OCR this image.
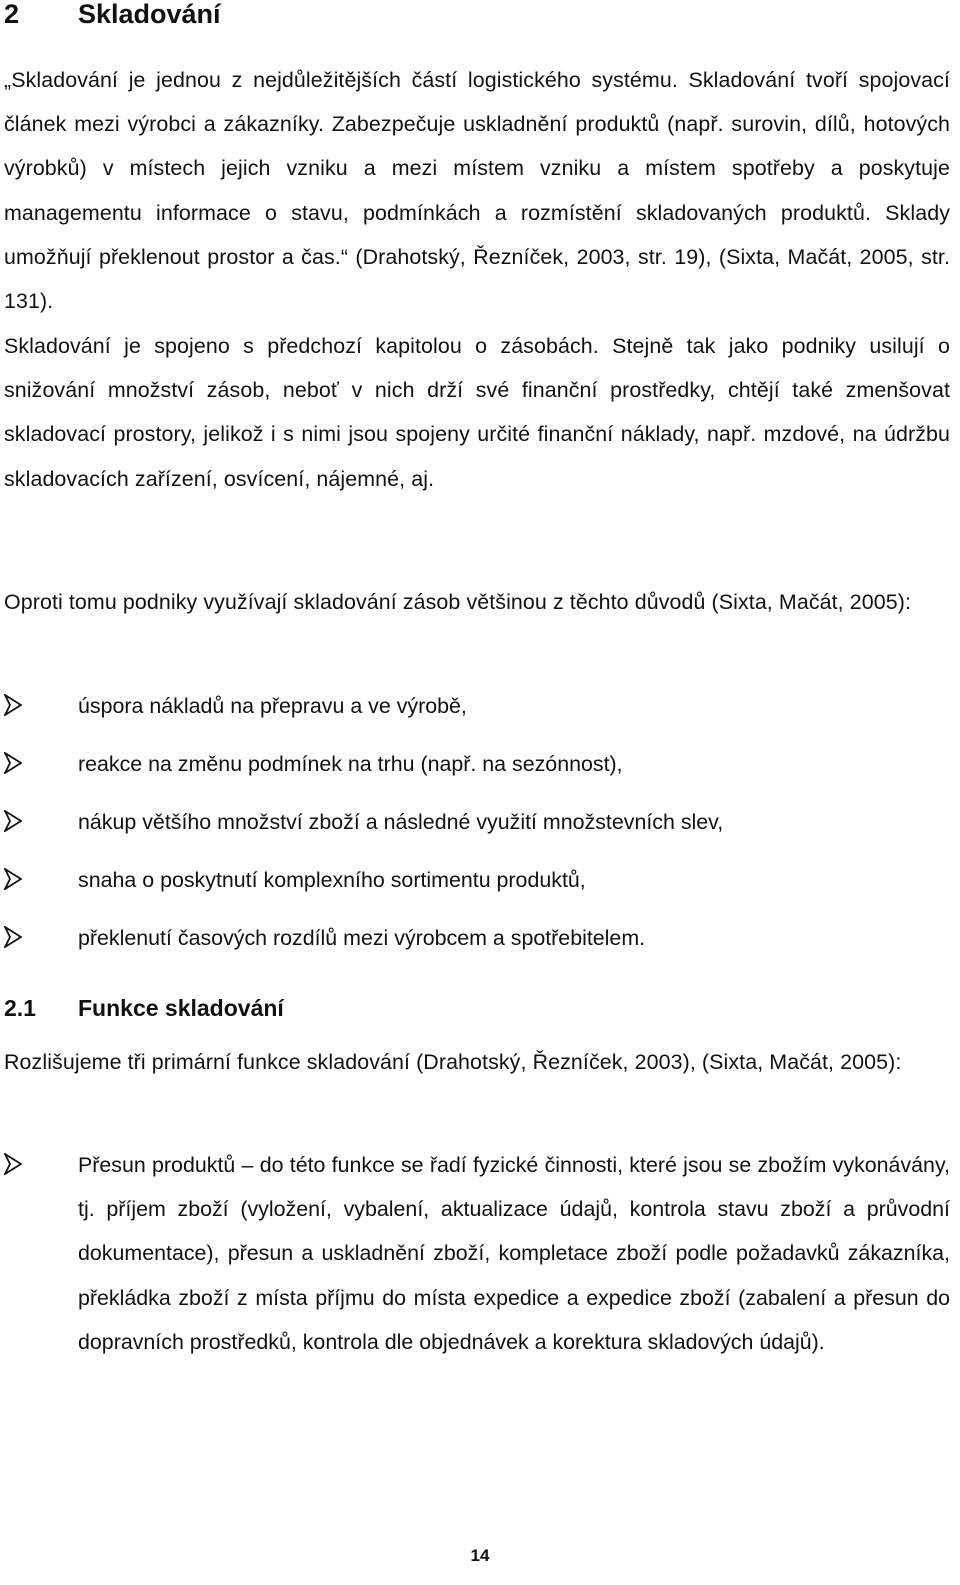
2 Skladování

„Skladování je jednou z nejdůležitějších částí logistického systému. Skladování tvoří spojovací článek mezi výrobci a zákazníky. Zabezpečuje uskladnění produktů (např. surovin, dílů, hotových výrobků) v místech jejich vzniku a mezi místem vzniku a místem spotřeby a poskytuje managementu informace o stavu, podmínkách a rozmístění skladovaných produktů. Sklady umožňují překlenout prostor a čas.“ (Drahotský, Řezníček, 2003, str. 19), (Sixta, Mačát, 2005, str. 131).

Skladování je spojeno s předchozí kapitolou o zásobách. Stejně tak jako podniky usilují o snižování množství zásob, neboť v nich drží své finanční prostředky, chtějí také zmenšovat skladovací prostory, jelikož i s nimi jsou spojeny určité finanční náklady, např. mzdové, na údržbu skladovacích zařízení, osvícení, nájemné, aj.

Oproti tomu podniky využívají skladování zásob většinou z těchto důvodů (Sixta, Mačát, 2005):

úspora nákladů na přepravu a ve výrobě,
reakce na změnu podmínek na trhu (např. na sezónnost),
nákup většího množství zboží a následné využití množstevních slev,
snaha o poskytnutí komplexního sortimentu produktů,
překlenutí časových rozdílů mezi výrobcem a spotřebitelem.
2.1 Funkce skladování

Rozlišujeme tři primární funkce skladování (Drahotský, Řezníček, 2003), (Sixta, Mačát, 2005):

Přesun produktů – do této funkce se řadí fyzické činnosti, které jsou se zbožím vykonávány, tj. příjem zboží (vyložení, vybalení, aktualizace údajů, kontrola stavu zboží a průvodní dokumentace), přesun a uskladnění zboží, kompletace zboží podle požadavků zákazníka, překládka zboží z místa příjmu do místa expedice a expedice zboží (zabalení a přesun do dopravních prostředků, kontrola dle objednávek a korektura skladových údajů).
14
